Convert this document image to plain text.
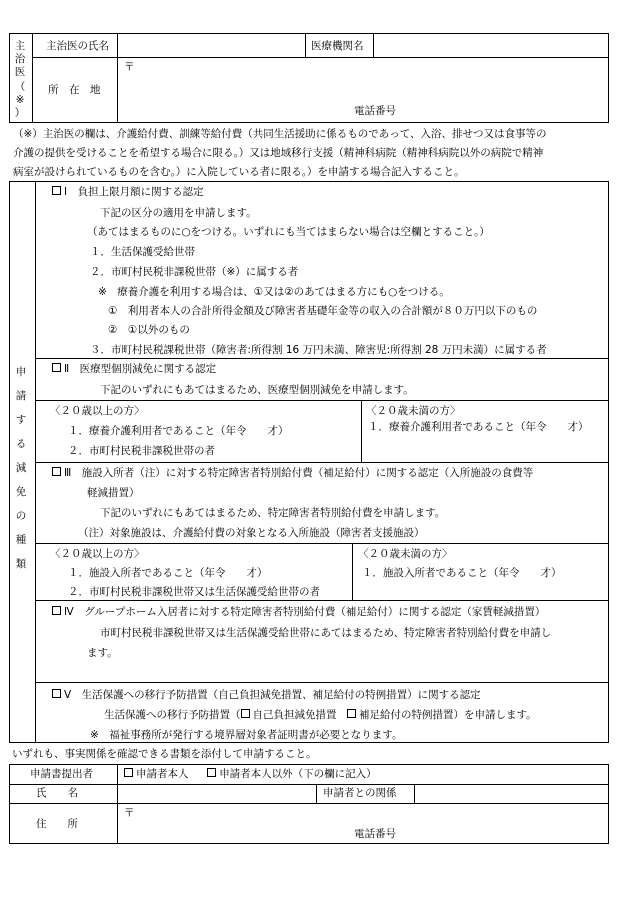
主
治
医
（
※
）
主治医の氏名	医療機関名
所　在　地
〒
電話番号
（※）主治医の欄は、介護給付費、訓練等給付費（共同生活援助に係るものであって、入浴、排せつ又は食事等の
介護の提供を受けることを希望する場合に限る。）又は地域移行支援（精神科病院（精神科病院以外の病院で精神
病室が設けられているものを含む。）に入院している者に限る。）を申請する場合記入すること。
申
請
す
る
減
免
の
種
類
Ⅰ　負担上限月額に関する認定
下記の区分の適用を申請します。
（あてはまるものに○をつける。いずれにも当てはまらない場合は空欄とすること。）
１．生活保護受給世帯
２．市町村民税非課税世帯（※）に属する者
※　療養介護を利用する場合は、①又は②のあてはまる方にも○をつける。
①　利用者本人の合計所得金額及び障害者基礎年金等の収入の合計額が８０万円以下のもの
②　①以外のもの
３．市町村民税課税世帯（障害者:所得割 16 万円未満、障害児:所得割 28 万円未満）に属する者
Ⅱ　医療型個別減免に関する認定
下記のいずれにもあてはまるため、医療型個別減免を申請します。
〈２０歳以上の方〉
１．療養介護利用者であること（年令　　才）
２．市町村民税非課税世帯の者
〈２０歳未満の方〉
１．療養介護利用者であること（年令　　才）
Ⅲ　施設入所者（注）に対する特定障害者特別給付費（補足給付）に関する認定（入所施設の食費等
軽減措置）
下記のいずれにもあてはまるため、特定障害者特別給付費を申請します。
（注）対象施設は、介護給付費の対象となる入所施設（障害者支援施設）
〈２０歳以上の方〉
１．施設入所者であること（年令　　才）
２．市町村民税非課税世帯又は生活保護受給世帯の者
〈２０歳未満の方〉
１．施設入所者であること（年令　　才）
Ⅳ　グループホーム入居者に対する特定障害者特別給付費（補足給付）に関する認定（家賃軽減措置）
市町村民税非課税世帯又は生活保護受給世帯にあてはまるため、特定障害者特別給付費を申請し
ます。
Ⅴ　生活保護への移行予防措置（自己負担減免措置、補足給付の特例措置）に関する認定
生活保護への移行予防措置（ 自己負担減免措置　補足給付の特例措置）を申請します。
※　福祉事務所が発行する境界層対象者証明書が必要となります。
いずれも、事実関係を確認できる書類を添付して申請すること。
申請書提出者	申請者本人	申請者本人以外（下の欄に記入）
氏　　名	申請者との関係
住　　所
〒
電話番号
